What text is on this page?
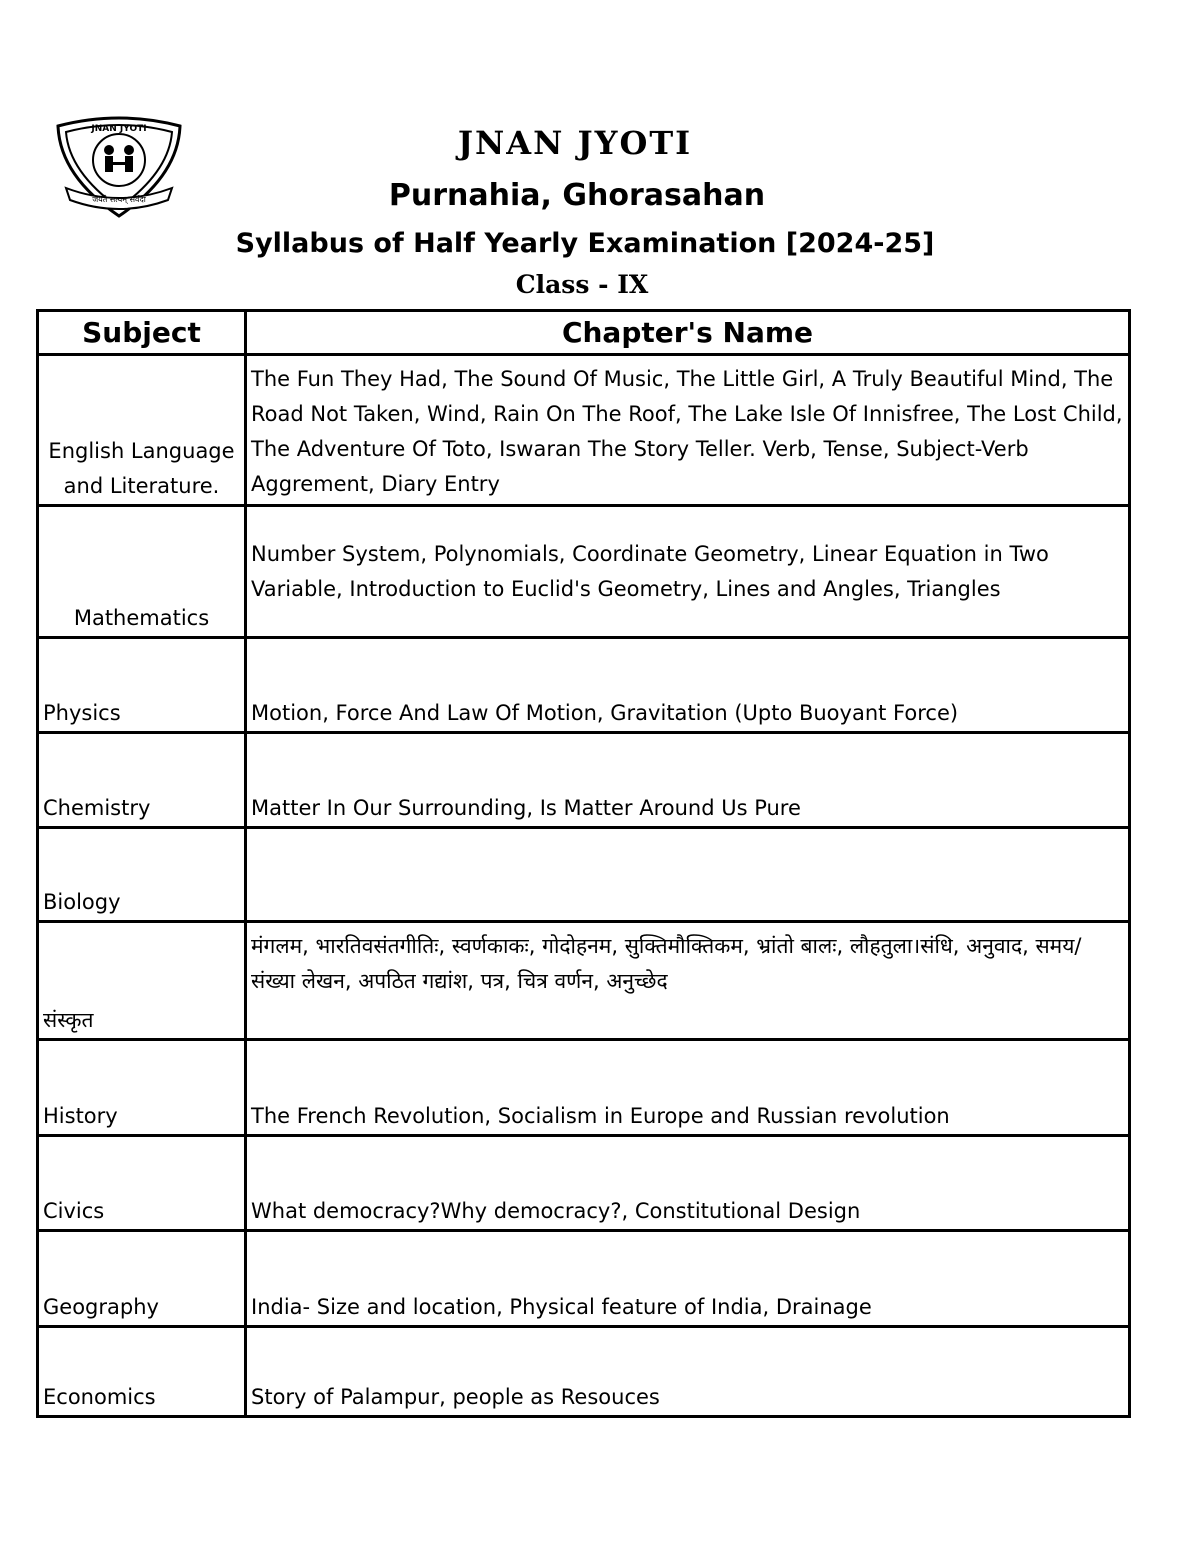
JNAN JYOTI
जयते सत्यम् सर्वदा
JNAN JYOTI
Purnahia, Ghorasahan
Syllabus of Half Yearly Examination [2024-25]
Class - IX
Subject	Chapter's Name
English Language and Literature.	The Fun They Had, The Sound Of Music, The Little Girl, A Truly Beautiful Mind, The Road Not Taken, Wind, Rain On The Roof, The Lake Isle Of Innisfree, The Lost Child, The Adventure Of Toto, Iswaran The Story Teller. Verb, Tense, Subject-Verb Aggrement, Diary Entry
Mathematics	Number System, Polynomials, Coordinate Geometry, Linear Equation in Two Variable, Introduction to Euclid's Geometry, Lines and Angles, Triangles
Physics	Motion, Force And Law Of Motion, Gravitation (Upto Buoyant Force)
Chemistry	Matter In Our Surrounding, Is Matter Around Us Pure
Biology	
संस्कृत	मंगलम, भारतिवसंतगीतिः, स्वर्णकाकः, गोदोहनम, सुक्तिमौक्तिकम, भ्रांतो बालः, लौहतुला।संधि, अनुवाद, समय/संख्या लेखन, अपठित गद्यांश, पत्र, चित्र वर्णन, अनुच्छेद
History	The French Revolution, Socialism in Europe and Russian revolution
Civics	What democracy?Why democracy?, Constitutional Design
Geography	India- Size and location, Physical feature of India, Drainage
Economics	Story of Palampur, people as Resouces
